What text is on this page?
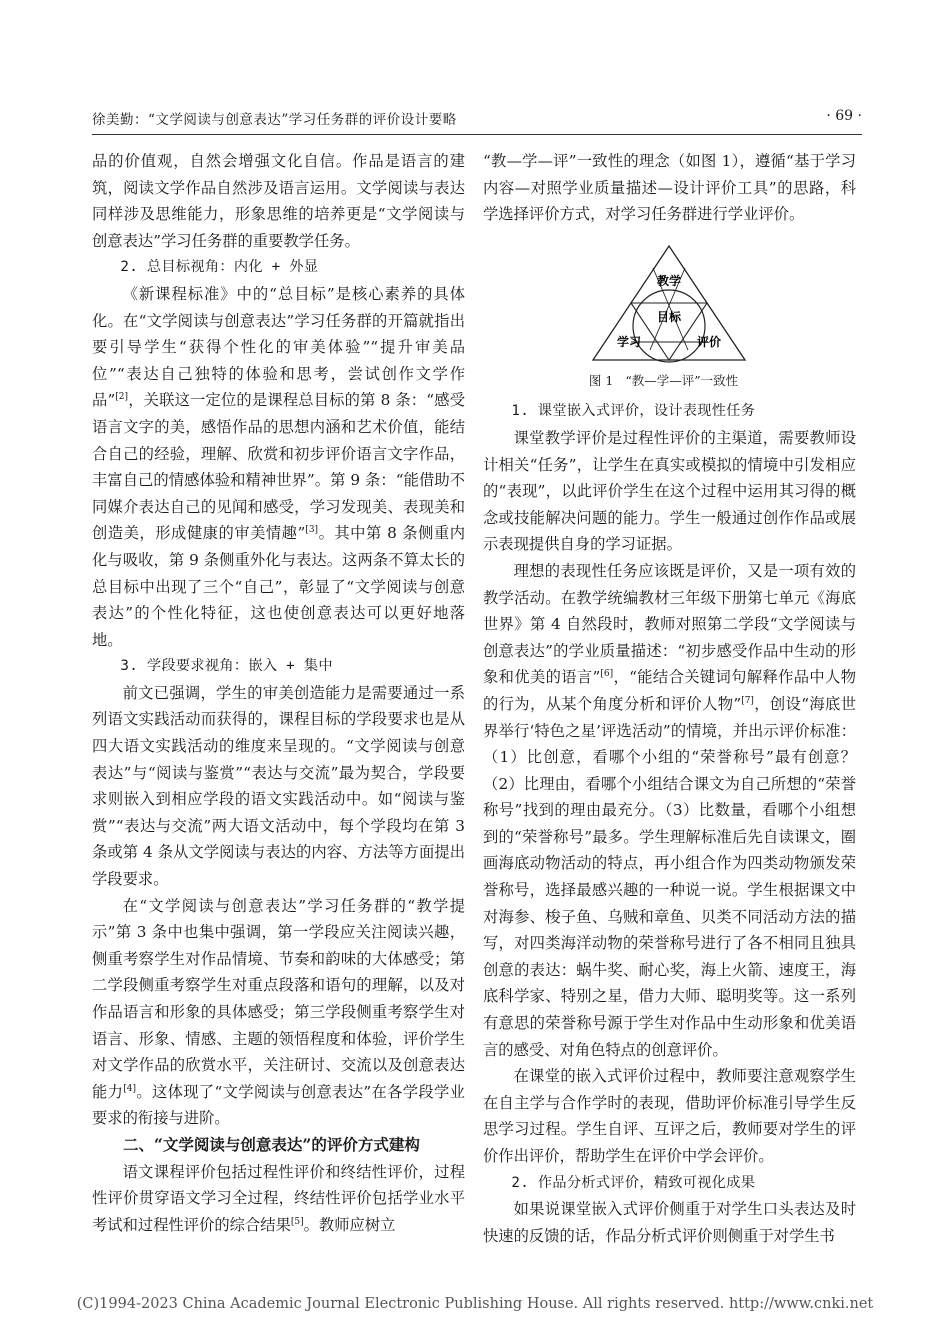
徐美勤：“文学阅读与创意表达”学习任务群的评价设计要略	· 69 ·

品的价值观，自然会增强文化自信。作品是语言的建筑，阅读文学作品自然涉及语言运用。文学阅读与表达同样涉及思维能力，形象思维的培养更是“文学阅读与创意表达”学习任务群的重要教学任务。

2. 总目标视角：内化 + 外显

《新课程标准》中的“总目标”是核心素养的具体化。在“文学阅读与创意表达”学习任务群的开篇就指出要引导学生“获得个性化的审美体验”“提升审美品位”“表达自己独特的体验和思考，尝试创作文学作品”[2]，关联这一定位的是课程总目标的第 8 条：“感受语言文字的美，感悟作品的思想内涵和艺术价值，能结合自己的经验，理解、欣赏和初步评价语言文字作品，丰富自己的情感体验和精神世界”。第 9 条：“能借助不同媒介表达自己的见闻和感受，学习发现美、表现美和创造美，形成健康的审美情趣”[3]。其中第 8 条侧重内化与吸收，第 9 条侧重外化与表达。这两条不算太长的总目标中出现了三个“自己”，彰显了“文学阅读与创意表达”的个性化特征，这也使创意表达可以更好地落地。

3. 学段要求视角：嵌入 + 集中

前文已强调，学生的审美创造能力是需要通过一系列语文实践活动而获得的，课程目标的学段要求也是从四大语文实践活动的维度来呈现的。“文学阅读与创意表达”与“阅读与鉴赏”“表达与交流”最为契合，学段要求则嵌入到相应学段的语文实践活动中。如“阅读与鉴赏”“表达与交流”两大语文活动中，每个学段均在第 3 条或第 4 条从文学阅读与表达的内容、方法等方面提出学段要求。

在“文学阅读与创意表达”学习任务群的“教学提示”第 3 条中也集中强调，第一学段应关注阅读兴趣，侧重考察学生对作品情境、节奏和韵味的大体感受；第二学段侧重考察学生对重点段落和语句的理解，以及对作品语言和形象的具体感受；第三学段侧重考察学生对语言、形象、情感、主题的领悟程度和体验，评价学生对文学作品的欣赏水平，关注研讨、交流以及创意表达能力[4]。这体现了“文学阅读与创意表达”在各学段学业要求的衔接与进阶。

二、“文学阅读与创意表达”的评价方式建构

语文课程评价包括过程性评价和终结性评价，过程性评价贯穿语文学习全过程，终结性评价包括学业水平考试和过程性评价的综合结果[5]。教师应树立

“教—学—评”一致性的理念（如图 1），遵循“基于学习内容—对照学业质量描述—设计评价工具”的思路，科学选择评价方式，对学习任务群进行学业评价。

教学
目标
学习	评价

图 1 “教—学—评”一致性

1. 课堂嵌入式评价，设计表现性任务

课堂教学评价是过程性评价的主渠道，需要教师设计相关“任务”，让学生在真实或模拟的情境中引发相应的“表现”，以此评价学生在这个过程中运用其习得的概念或技能解决问题的能力。学生一般通过创作作品或展示表现提供自身的学习证据。

理想的表现性任务应该既是评价，又是一项有效的教学活动。在教学统编教材三年级下册第七单元《海底世界》第 4 自然段时，教师对照第二学段“文学阅读与创意表达”的学业质量描述：“初步感受作品中生动的形象和优美的语言”[6]，“能结合关键词句解释作品中人物的行为，从某个角度分析和评价人物”[7]，创设“海底世界举行‘特色之星’评选活动”的情境，并出示评价标准：（1）比创意，看哪个小组的“荣誉称号”最有创意？（2）比理由，看哪个小组结合课文为自己所想的“荣誉称号”找到的理由最充分。（3）比数量，看哪个小组想到的“荣誉称号”最多。学生理解标准后先自读课文，圈画海底动物活动的特点，再小组合作为四类动物颁发荣誉称号，选择最感兴趣的一种说一说。学生根据课文中对海参、梭子鱼、乌贼和章鱼、贝类不同活动方法的描写，对四类海洋动物的荣誉称号进行了各不相同且独具创意的表达：蜗牛奖、耐心奖，海上火箭、速度王，海底科学家、特别之星，借力大师、聪明奖等。这一系列有意思的荣誉称号源于学生对作品中生动形象和优美语言的感受、对角色特点的创意评价。

在课堂的嵌入式评价过程中，教师要注意观察学生在自主学与合作学时的表现，借助评价标准引导学生反思学习过程。学生自评、互评之后，教师要对学生的评价作出评价，帮助学生在评价中学会评价。

2. 作品分析式评价，精致可视化成果

如果说课堂嵌入式评价侧重于对学生口头表达及时快速的反馈的话，作品分析式评价则侧重于对学生书

(C)1994-2023 China Academic Journal Electronic Publishing House. All rights reserved. http://www.cnki.net
